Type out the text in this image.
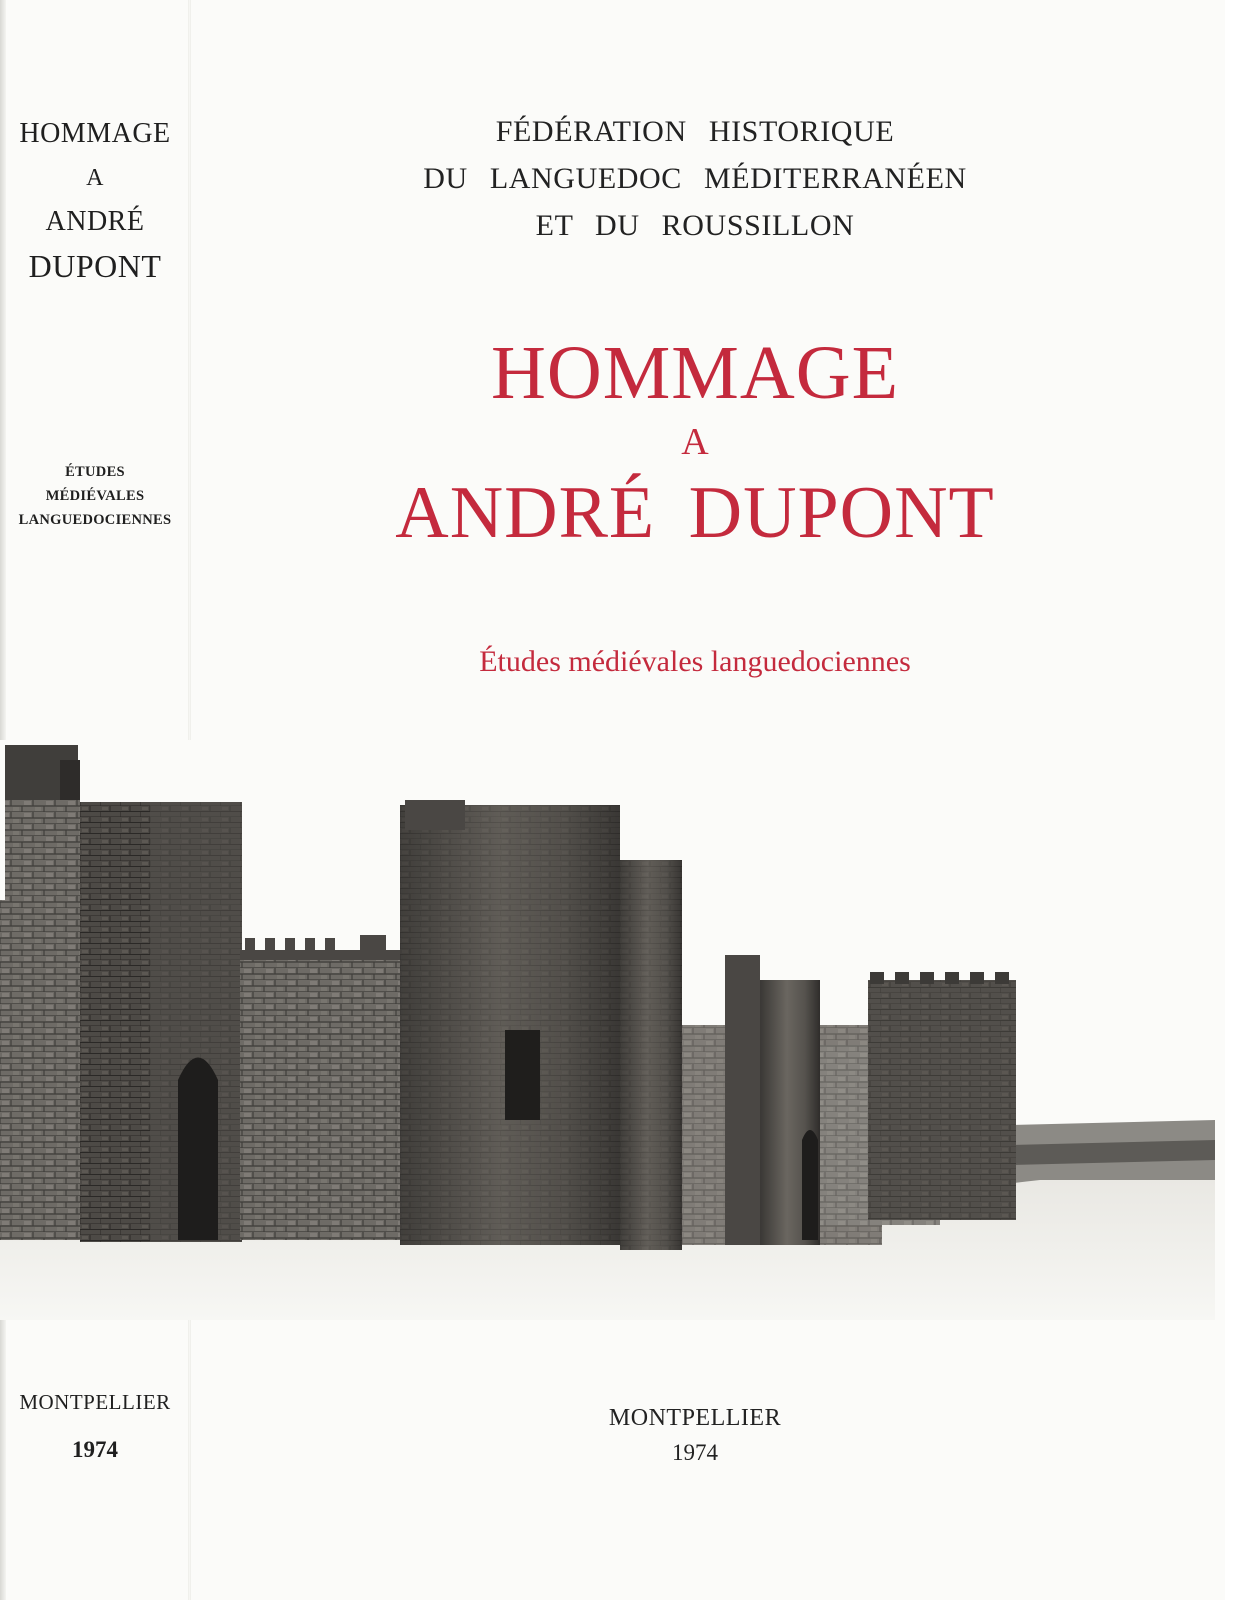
HOMMAGE
A
ANDRÉ
DUPONT
ÉTUDES
MÉDIÉVALES
LANGUEDOCIENNES
MONTPELLIER
1974
FÉDÉRATION HISTORIQUE
DU LANGUEDOC MÉDITERRANÉEN
ET DU ROUSSILLON
HOMMAGE
A
ANDRÉ DUPONT
Études médiévales languedociennes
MONTPELLIER
1974
